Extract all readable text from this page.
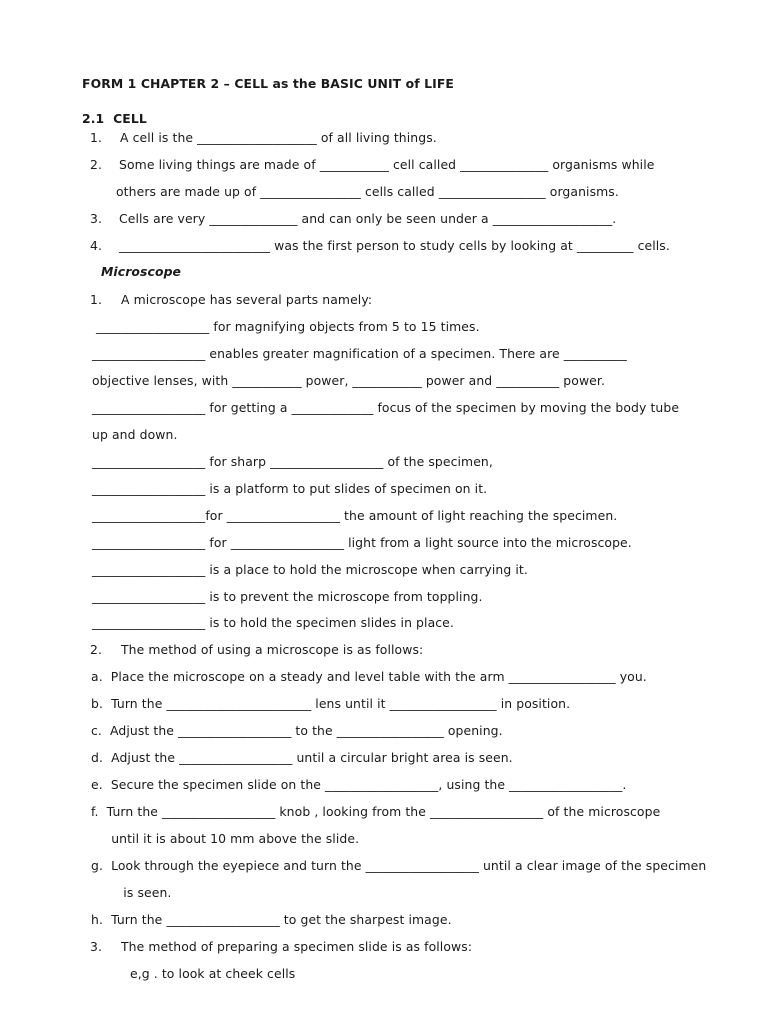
FORM 1 CHAPTER 2 – CELL as the BASIC UNIT of LIFE
2.1  CELL
1. A cell is the ___________________ of all living things.
2. Some living things are made of ___________ cell called ______________ organisms while
others are made up of ________________ cells called _________________ organisms.
3. Cells are very ______________ and can only be seen under a ___________________.
4. ________________________ was the first person to study cells by looking at _________ cells.
Microscope
1. A microscope has several parts namely:
__________________ for magnifying objects from 5 to 15 times.
__________________ enables greater magnification of a specimen. There are __________
objective lenses, with ___________ power, ___________ power and __________ power.
__________________ for getting a _____________ focus of the specimen by moving the body tube
up and down.
__________________ for sharp __________________ of the specimen,
__________________ is a platform to put slides of specimen on it.
__________________for __________________ the amount of light reaching the specimen.
__________________ for __________________ light from a light source into the microscope.
__________________ is a place to hold the microscope when carrying it.
__________________ is to prevent the microscope from toppling.
__________________ is to hold the specimen slides in place.
2. The method of using a microscope is as follows:
a.  Place the microscope on a steady and level table with the arm _________________ you.
b.  Turn the _______________________ lens until it _________________ in position.
c.  Adjust the __________________ to the _________________ opening.
d.  Adjust the __________________ until a circular bright area is seen.
e.  Secure the specimen slide on the __________________, using the __________________.
f.  Turn the __________________ knob , looking from the __________________ of the microscope
until it is about 10 mm above the slide.
g.  Look through the eyepiece and turn the __________________ until a clear image of the specimen
is seen.
h.  Turn the __________________ to get the sharpest image.
3. The method of preparing a specimen slide is as follows:
e,g . to look at cheek cells
